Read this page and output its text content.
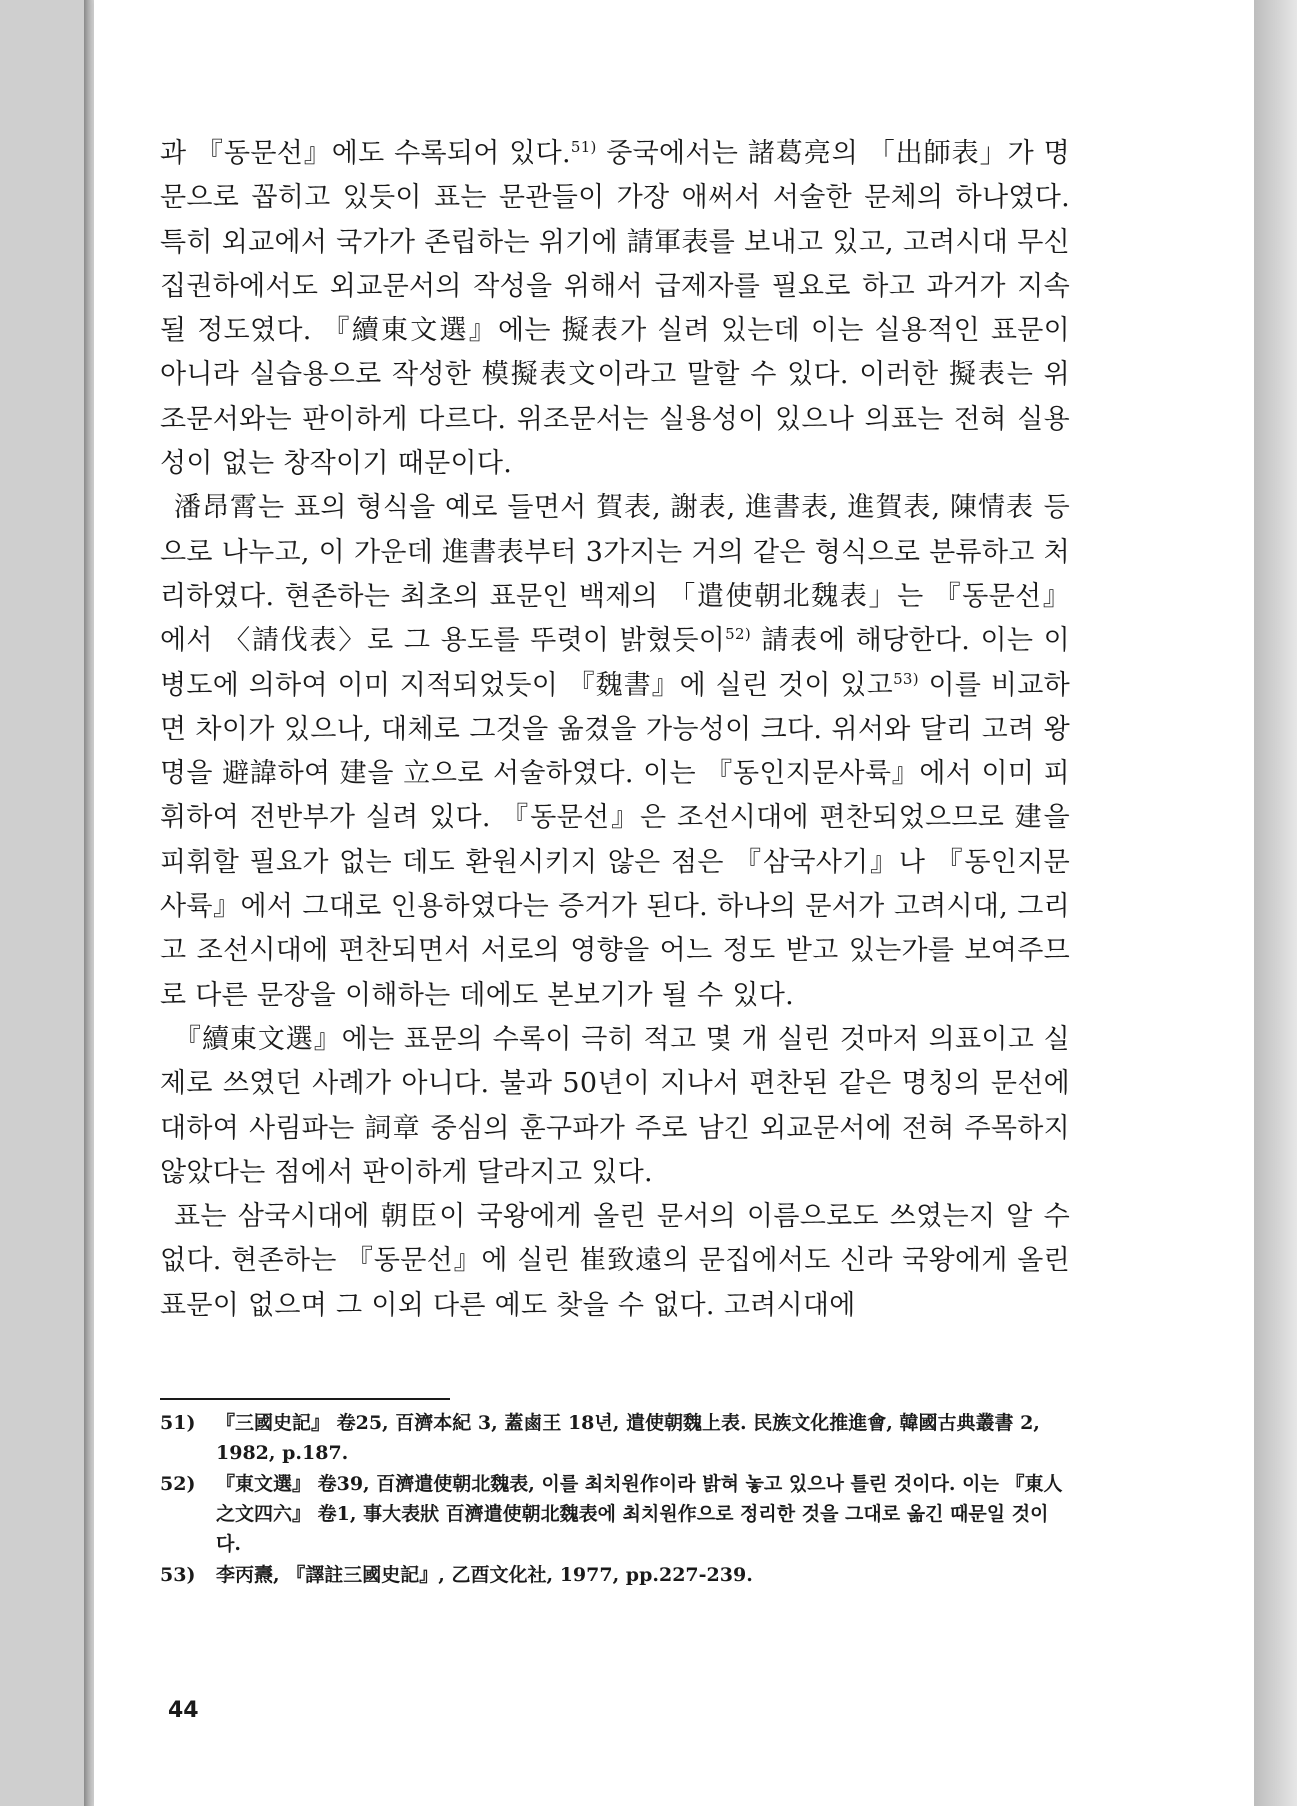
과 『동문선』에도 수록되어 있다.$^{51)}$ 중국에서는 諸葛亮의 「出師表」가 명문으로 꼽히고 있듯이 표는 문관들이 가장 애써서 서술한 문체의 하나였다. 특히 외교에서 국가가 존립하는 위기에 請軍表를 보내고 있고, 고려시대 무신집권하에서도 외교문서의 작성을 위해서 급제자를 필요로 하고 과거가 지속될 정도였다. 『續東文選』에는 擬表가 실려 있는데 이는 실용적인 표문이 아니라 실습용으로 작성한 模擬表文이라고 말할 수 있다. 이러한 擬表는 위조문서와는 판이하게 다르다. 위조문서는 실용성이 있으나 의표는 전혀 실용성이 없는 창작이기 때문이다.

潘昂霄는 표의 형식을 예로 들면서 賀表, 謝表, 進書表, 進賀表, 陳情表 등으로 나누고, 이 가운데 進書表부터 3가지는 거의 같은 형식으로 분류하고 처리하였다. 현존하는 최초의 표문인 백제의 「遣使朝北魏表」는 『동문선』에서 〈請伐表〉로 그 용도를 뚜렷이 밝혔듯이$^{52)}$ 請表에 해당한다. 이는 이병도에 의하여 이미 지적되었듯이 『魏書』에 실린 것이 있고$^{53)}$ 이를 비교하면 차이가 있으나, 대체로 그것을 옮겼을 가능성이 크다. 위서와 달리 고려 왕명을 避諱하여 建을 立으로 서술하였다. 이는 『동인지문사륙』에서 이미 피휘하여 전반부가 실려 있다. 『동문선』은 조선시대에 편찬되었으므로 建을 피휘할 필요가 없는 데도 환원시키지 않은 점은 『삼국사기』나 『동인지문사륙』에서 그대로 인용하였다는 증거가 된다. 하나의 문서가 고려시대, 그리고 조선시대에 편찬되면서 서로의 영향을 어느 정도 받고 있는가를 보여주므로 다른 문장을 이해하는 데에도 본보기가 될 수 있다.

『續東文選』에는 표문의 수록이 극히 적고 몇 개 실린 것마저 의표이고 실제로 쓰였던 사례가 아니다. 불과 50년이 지나서 편찬된 같은 명칭의 문선에 대하여 사림파는 詞章 중심의 훈구파가 주로 남긴 외교문서에 전혀 주목하지 않았다는 점에서 판이하게 달라지고 있다.

표는 삼국시대에 朝臣이 국왕에게 올린 문서의 이름으로도 쓰였는지 알 수 없다. 현존하는 『동문선』에 실린 崔致遠의 문집에서도 신라 국왕에게 올린 표문이 없으며 그 이외 다른 예도 찾을 수 없다. 고려시대에

51)	『三國史記』 卷25, 百濟本紀 3, 蓋鹵王 18년, 遣使朝魏上表. 民族文化推進會, 韓國古典叢書 2, 1982, p.187.
52)	『東文選』 卷39, 百濟遣使朝北魏表, 이를 최치원作이라 밝혀 놓고 있으나 틀린 것이다. 이는 『東人之文四六』 卷1, 事大表狀 百濟遣使朝北魏表에 최치원作으로 정리한 것을 그대로 옮긴 때문일 것이다.
53)	李丙燾, 『譯註三國史記』, 乙酉文化社, 1977, pp.227-239.
44
